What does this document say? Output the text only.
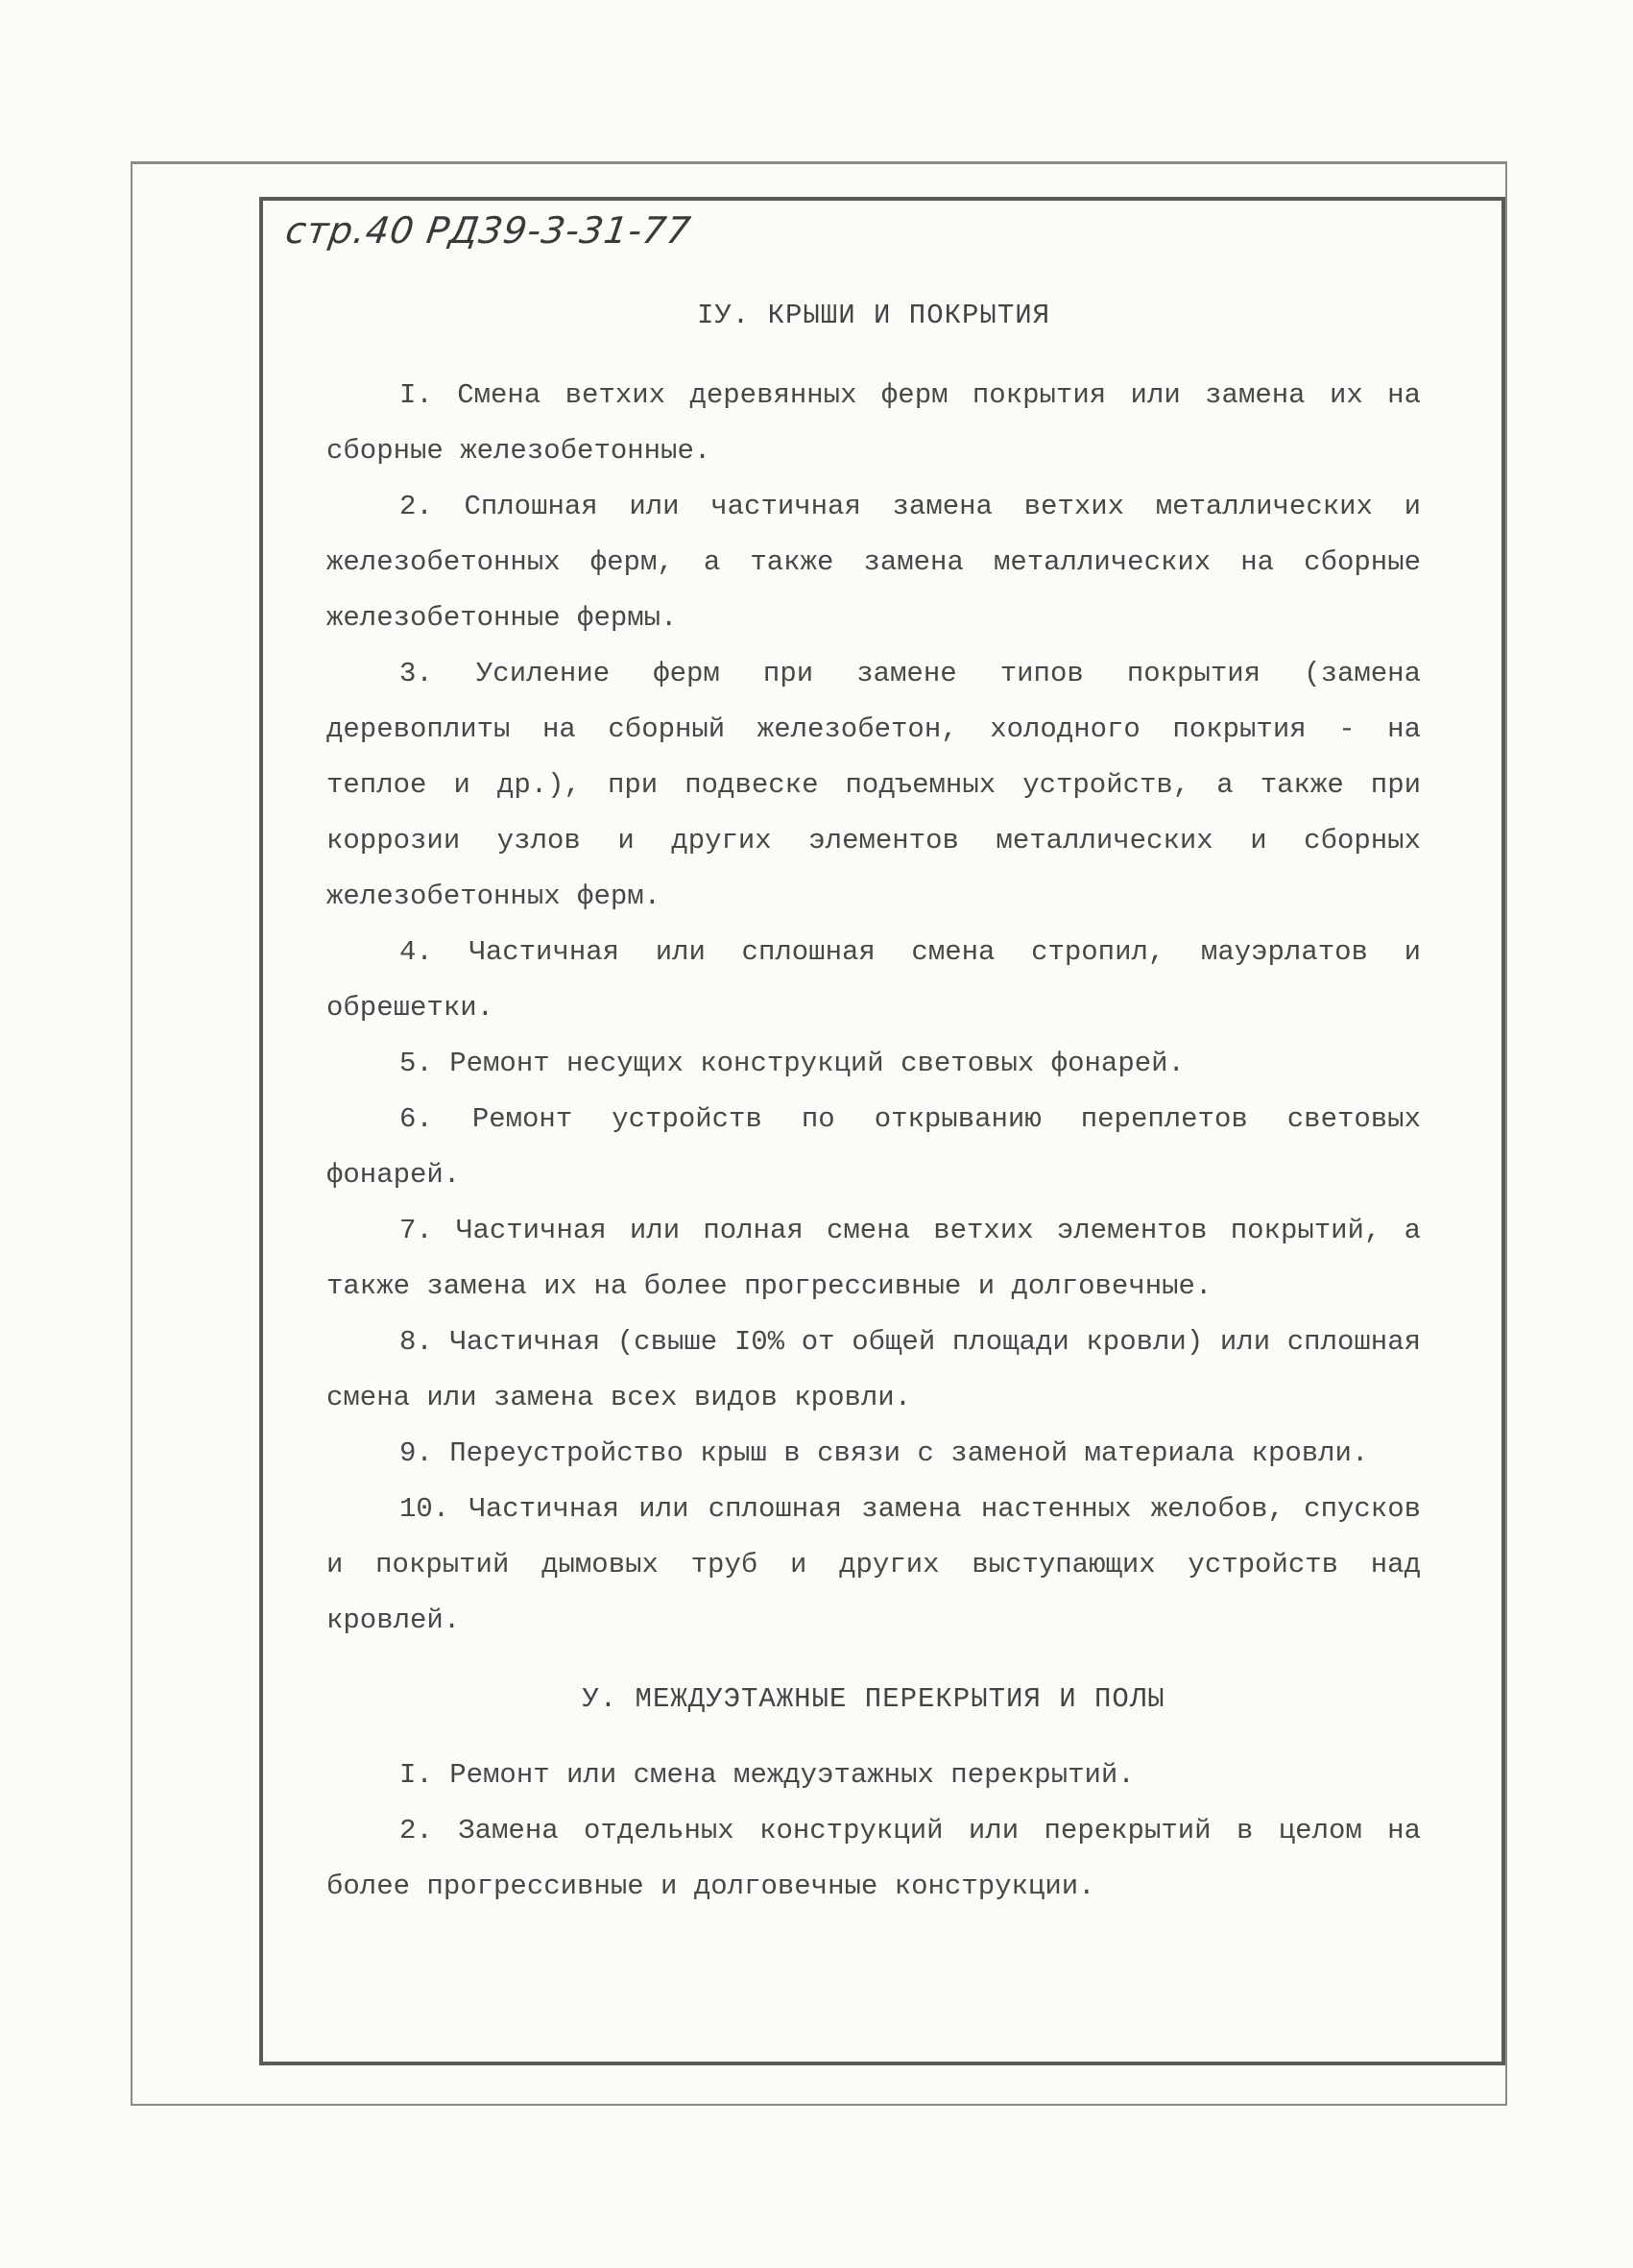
стр.40 РД39-3-31-77
IУ. КРЫШИ И ПОКРЫТИЯ

I. Смена ветхих деревянных ферм покрытия или замена их на сборные железобетонные.

2. Сплошная или частичная замена ветхих металлических и железобетонных ферм, а также замена металлических на сборные железобетонные фермы.

3. Усиление ферм при замене типов покрытия (замена деревоплиты на сборный железобетон, холодного покрытия - на теплое и др.), при подвеске подъемных устройств, а также при коррозии узлов и других элементов металлических и сборных железобетонных ферм.

4. Частичная или сплошная смена стропил, мауэрлатов и обрешетки.

5. Ремонт несущих конструкций световых фонарей.

6. Ремонт устройств по открыванию переплетов световых фонарей.

7. Частичная или полная смена ветхих элементов покрытий, а также замена их на более прогрессивные и долговечные.

8. Частичная (свыше I0% от общей площади кровли) или сплошная смена или замена всех видов кровли.

9. Переустройство крыш в связи с заменой материала кровли.

10. Частичная или сплошная замена настенных желобов, спусков и покрытий дымовых труб и других выступающих устройств над кровлей.

У. МЕЖДУЭТАЖНЫЕ ПЕРЕКРЫТИЯ И ПОЛЫ

I. Ремонт или смена междуэтажных перекрытий.

2. Замена отдельных конструкций или перекрытий в целом на более прогрессивные и долговечные конструкции.
